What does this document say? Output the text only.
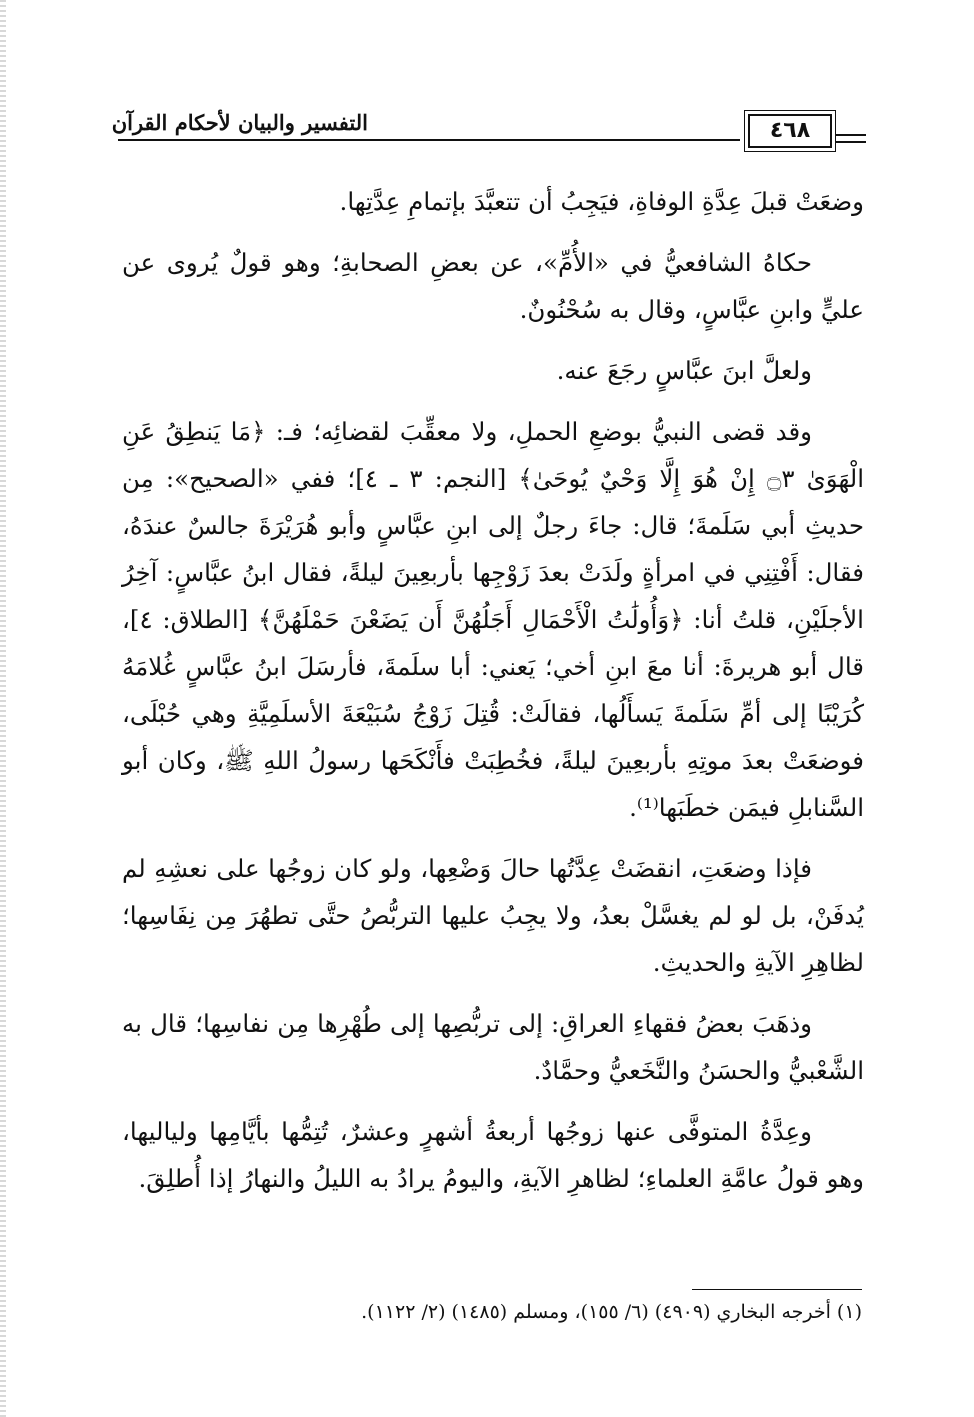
التفسير والبيان لأحكام القرآن	٤٦٨

وضعَتْ قبلَ عِدَّةِ الوفاةِ، فيَجِبُ أن تتعبَّدَ بإتمامِ عِدَّتِها.

حكاهُ الشافعيُّ في «الأُمِّ»، عن بعضِ الصحابةِ؛ وهو قولٌ يُروى عن عليٍّ وابنِ عبَّاسٍ، وقال به سُحْنُونٌ.

ولعلَّ ابنَ عبَّاسٍ رجَعَ عنه.

وقد قضى النبيُّ بوضعِ الحملِ، ولا معقِّبَ لقضائِه؛ فـ: ﴿مَا يَنطِقُ عَنِ الْهَوَىٰ ۝٣ إِنْ هُوَ إِلَّا وَحْيٌ يُوحَىٰ﴾ [النجم: ٣ ـ ٤]؛ ففي «الصحيح»: مِن حديثِ أبي سَلَمةَ؛ قال: جاءَ رجلٌ إلى ابنِ عبَّاسٍ وأبو هُرَيْرَةَ جالسٌ عندَهُ، فقال: أَفْتِنِي في امرأةٍ ولَدَتْ بعدَ زَوْجِها بأربعِينَ ليلةً، فقال ابنُ عبَّاسٍ: آخِرُ الأجلَيْنِ، قلتُ أنا: ﴿وَأُولَٰتُ الْأَحْمَالِ أَجَلُهُنَّ أَن يَضَعْنَ حَمْلَهُنَّ﴾ [الطلاق: ٤]، قال أبو هريرةَ: أنا معَ ابنِ أخي؛ يَعني: أبا سلَمةَ، فأرسَلَ ابنُ عبَّاسٍ غُلامَهُ كُرَيْبًا إلى أمِّ سَلَمةَ يَسأَلُها، فقالَتْ: قُتِلَ زَوْجُ سُبَيْعَةَ الأسلَمِيَّةِ وهي حُبْلَى، فوضعَتْ بعدَ موتِهِ بأربعِينَ ليلةً، فخُطِبَتْ فأَنْكَحَها رسولُ اللهِ ﷺ، وكان أبو السَّنابلِ فيمَن خطَبَها⁽¹⁾.

فإذا وضعَتِ، انقضَتْ عِدَّتُها حالَ وَضْعِها، ولو كان زوجُها على نعشِهِ لم يُدفَنْ، بل لو لم يغسَّلْ بعدُ، ولا يجِبُ عليها التربُّصُ حتَّى تطهُرَ مِن نِفَاسِها؛ لظاهِرِ الآيةِ والحديثِ.

وذهَبَ بعضُ فقهاءِ العراقِ: إلى تربُّصِها إلى طُهْرِها مِن نفاسِها؛ قال به الشَّعْبيُّ والحسَنُ والنَّخَعيُّ وحمَّادٌ.

وعِدَّةُ المتوفَّى عنها زوجُها أربعةُ أشهرٍ وعشرٌ، تُتِمُّها بأيَّامِها ولياليها، وهو قولُ عامَّةِ العلماءِ؛ لظاهرِ الآيةِ، واليومُ يرادُ به الليلُ والنهارُ إذا أُطلِقَ.

(١) أخرجه البخاري (٤٩٠٩) (٦/ ١٥٥)، ومسلم (١٤٨٥) (٢/ ١١٢٢).
